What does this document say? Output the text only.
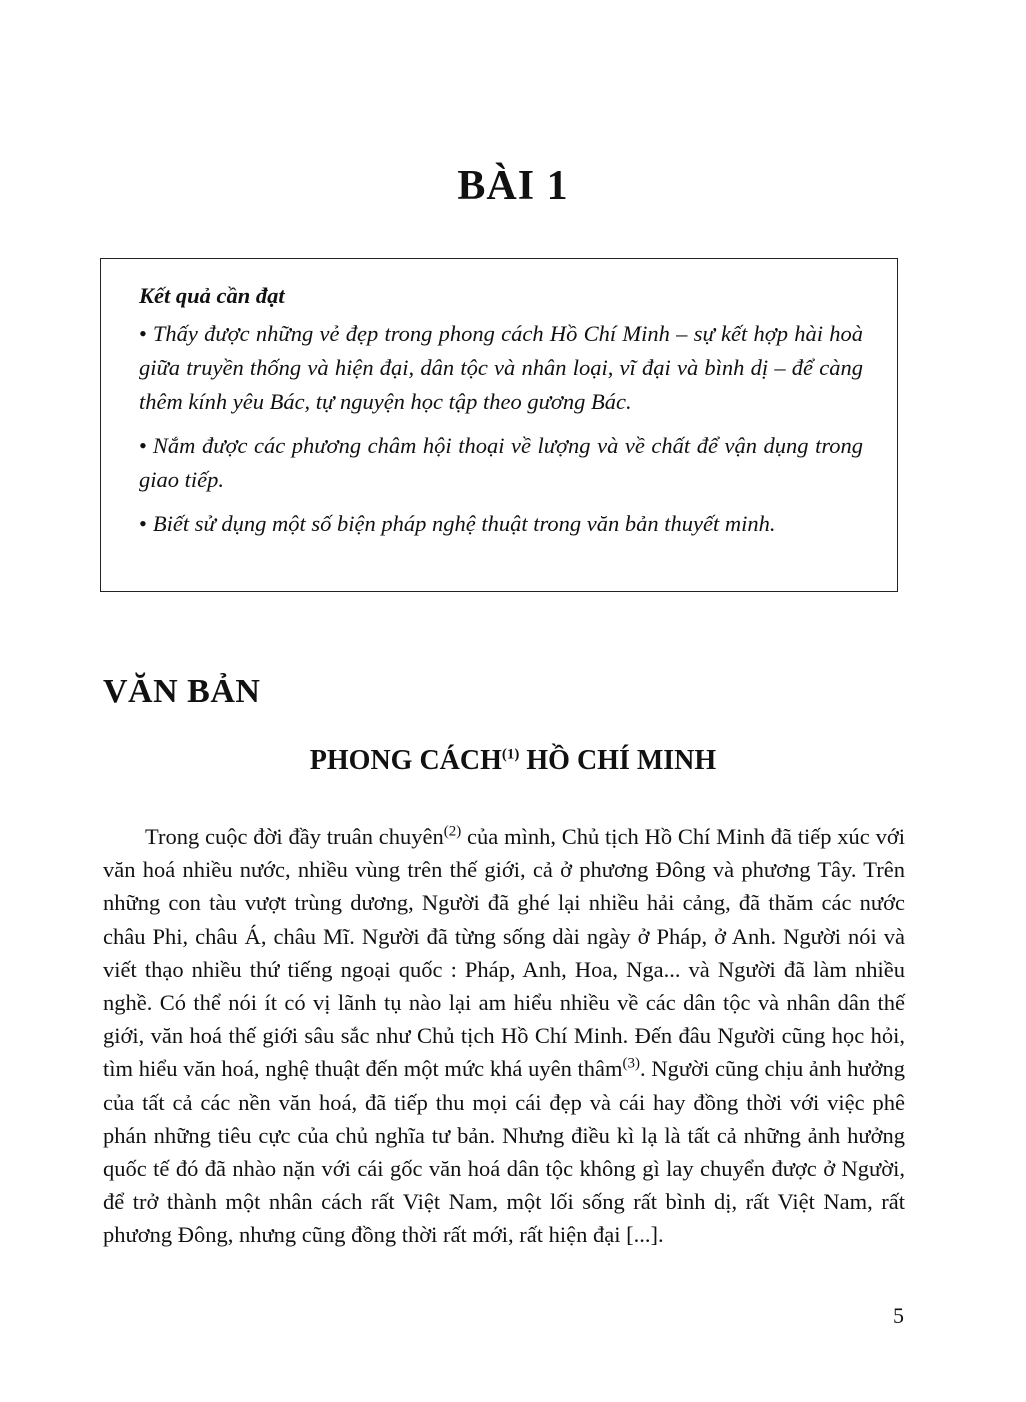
BÀI 1

Kết quả cần đạt

• Thấy được những vẻ đẹp trong phong cách Hồ Chí Minh – sự kết hợp hài hoà giữa truyền thống và hiện đại, dân tộc và nhân loại, vĩ đại và bình dị – để càng thêm kính yêu Bác, tự nguyện học tập theo gương Bác.

• Nắm được các phương châm hội thoại về lượng và về chất để vận dụng trong giao tiếp.

• Biết sử dụng một số biện pháp nghệ thuật trong văn bản thuyết minh.

VĂN BẢN
PHONG CÁCH$^{(1)}$ HỒ CHÍ MINH

Trong cuộc đời đầy truân chuyên$^{(2)}$ của mình, Chủ tịch Hồ Chí Minh đã tiếp xúc với văn hoá nhiều nước, nhiều vùng trên thế giới, cả ở phương Đông và phương Tây. Trên những con tàu vượt trùng dương, Người đã ghé lại nhiều hải cảng, đã thăm các nước châu Phi, châu Á, châu Mĩ. Người đã từng sống dài ngày ở Pháp, ở Anh. Người nói và viết thạo nhiều thứ tiếng ngoại quốc : Pháp, Anh, Hoa, Nga... và Người đã làm nhiều nghề. Có thể nói ít có vị lãnh tụ nào lại am hiểu nhiều về các dân tộc và nhân dân thế giới, văn hoá thế giới sâu sắc như Chủ tịch Hồ Chí Minh. Đến đâu Người cũng học hỏi, tìm hiểu văn hoá, nghệ thuật đến một mức khá uyên thâm$^{(3)}$. Người cũng chịu ảnh hưởng của tất cả các nền văn hoá, đã tiếp thu mọi cái đẹp và cái hay đồng thời với việc phê phán những tiêu cực của chủ nghĩa tư bản. Nhưng điều kì lạ là tất cả những ảnh hưởng quốc tế đó đã nhào nặn với cái gốc văn hoá dân tộc không gì lay chuyển được ở Người, để trở thành một nhân cách rất Việt Nam, một lối sống rất bình dị, rất Việt Nam, rất phương Đông, nhưng cũng đồng thời rất mới, rất hiện đại [...].

5
